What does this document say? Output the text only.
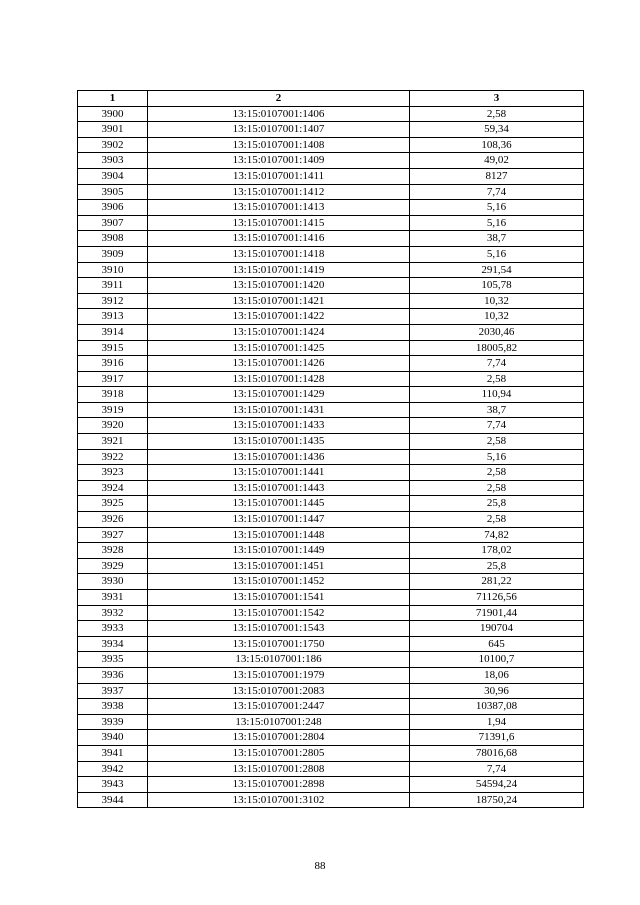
1	2	3
3900	13:15:0107001:1406	2,58
3901	13:15:0107001:1407	59,34
3902	13:15:0107001:1408	108,36
3903	13:15:0107001:1409	49,02
3904	13:15:0107001:1411	8127
3905	13:15:0107001:1412	7,74
3906	13:15:0107001:1413	5,16
3907	13:15:0107001:1415	5,16
3908	13:15:0107001:1416	38,7
3909	13:15:0107001:1418	5,16
3910	13:15:0107001:1419	291,54
3911	13:15:0107001:1420	105,78
3912	13:15:0107001:1421	10,32
3913	13:15:0107001:1422	10,32
3914	13:15:0107001:1424	2030,46
3915	13:15:0107001:1425	18005,82
3916	13:15:0107001:1426	7,74
3917	13:15:0107001:1428	2,58
3918	13:15:0107001:1429	110,94
3919	13:15:0107001:1431	38,7
3920	13:15:0107001:1433	7,74
3921	13:15:0107001:1435	2,58
3922	13:15:0107001:1436	5,16
3923	13:15:0107001:1441	2,58
3924	13:15:0107001:1443	2,58
3925	13:15:0107001:1445	25,8
3926	13:15:0107001:1447	2,58
3927	13:15:0107001:1448	74,82
3928	13:15:0107001:1449	178,02
3929	13:15:0107001:1451	25,8
3930	13:15:0107001:1452	281,22
3931	13:15:0107001:1541	71126,56
3932	13:15:0107001:1542	71901,44
3933	13:15:0107001:1543	190704
3934	13:15:0107001:1750	645
3935	13:15:0107001:186	10100,7
3936	13:15:0107001:1979	18,06
3937	13:15:0107001:2083	30,96
3938	13:15:0107001:2447	10387,08
3939	13:15:0107001:248	1,94
3940	13:15:0107001:2804	71391,6
3941	13:15:0107001:2805	78016,68
3942	13:15:0107001:2808	7,74
3943	13:15:0107001:2898	54594,24
3944	13:15:0107001:3102	18750,24
88
